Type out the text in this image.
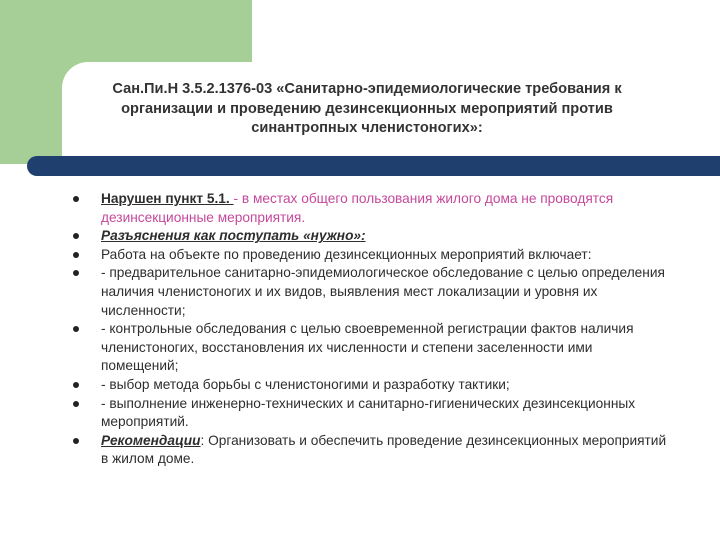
Сан.Пи.Н 3.5.2.1376-03 «Санитарно-эпидемиологические требования к организации и проведению дезинсекционных мероприятий против синантропных членистоногих»:
Нарушен пункт 5.1. - в местах общего пользования жилого дома не проводятся дезинсекционные мероприятия.
Разъяснения как поступать «нужно»:
Работа на объекте по проведению дезинсекционных мероприятий включает:
- предварительное санитарно-эпидемиологическое обследование с целью определения наличия членистоногих и их видов, выявления мест локализации и уровня их численности;
- контрольные обследования с целью своевременной регистрации фактов наличия членистоногих, восстановления их численности и степени заселенности ими помещений;
- выбор метода борьбы с членистоногими и разработку тактики;
- выполнение инженерно-технических и санитарно-гигиенических дезинсекционных мероприятий.
Рекомендации: Организовать и обеспечить проведение дезинсекционных мероприятий в жилом доме.
